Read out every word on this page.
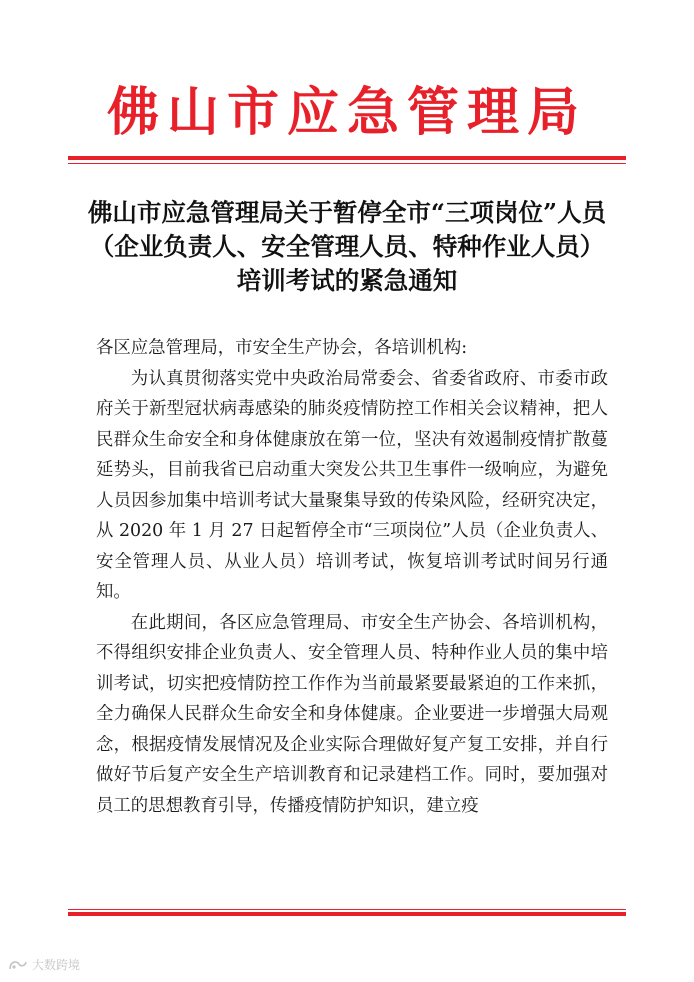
佛山市应急管理局
佛山市应急管理局关于暂停全市“三项岗位”人员（企业负责人、安全管理人员、特种作业人员）培训考试的紧急通知

各区应急管理局，市安全生产协会，各培训机构:

为认真贯彻落实党中央政治局常委会、省委省政府、市委市政府关于新型冠状病毒感染的肺炎疫情防控工作相关会议精神，把人民群众生命安全和身体健康放在第一位，坚决有效遏制疫情扩散蔓延势头，目前我省已启动重大突发公共卫生事件一级响应，为避免人员因参加集中培训考试大量聚集导致的传染风险，经研究决定，从 2020 年 1 月 27 日起暂停全市“三项岗位”人员（企业负责人、安全管理人员、从业人员）培训考试，恢复培训考试时间另行通知。

在此期间，各区应急管理局、市安全生产协会、各培训机构，不得组织安排企业负责人、安全管理人员、特种作业人员的集中培训考试，切实把疫情防控工作作为当前最紧要最紧迫的工作来抓，全力确保人民群众生命安全和身体健康。企业要进一步增强大局观念，根据疫情发展情况及企业实际合理做好复产复工安排，并自行做好节后复产安全生产培训教育和记录建档工作。同时，要加强对员工的思想教育引导，传播疫情防护知识，建立疫

大数跨境
